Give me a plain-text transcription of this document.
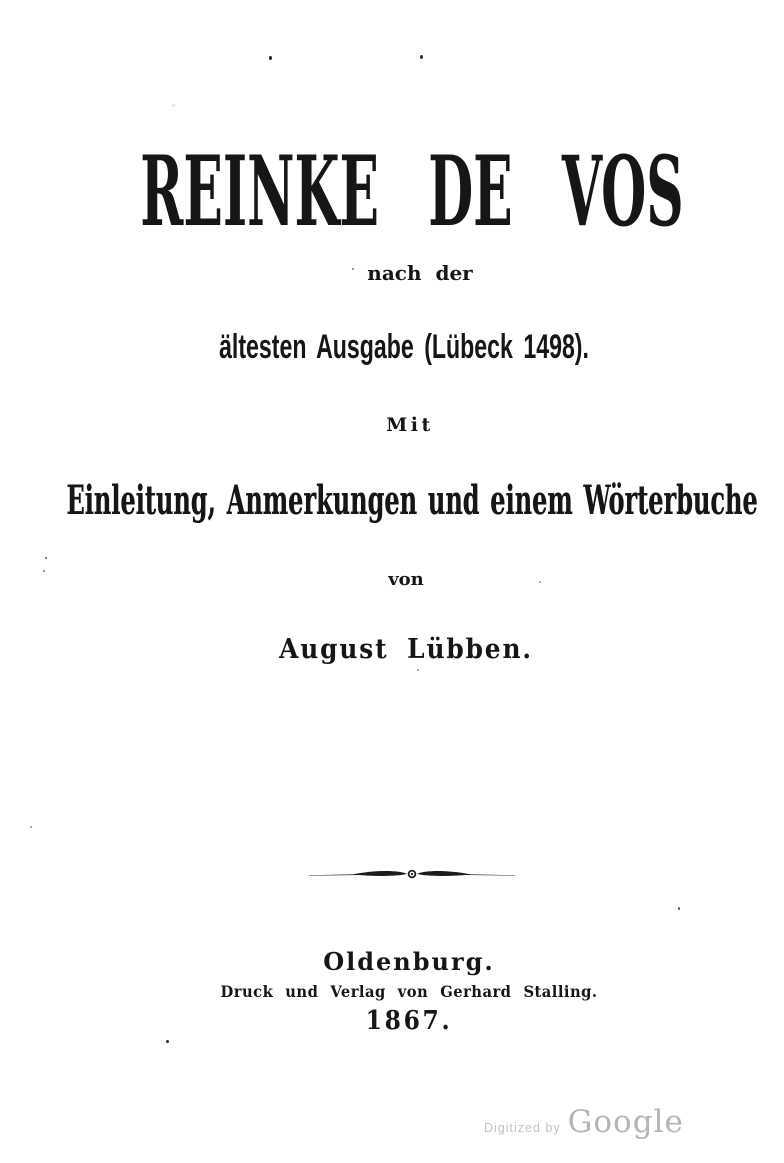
REINKE DE VOS
nach der
ältesten Ausgabe (Lübeck 1498).
Mit
Einleitung, Anmerkungen und einem Wörterbuche
von
August Lübben.
Oldenburg.
Druck und Verlag von Gerhard Stalling.
1867.
Digitized by Google
